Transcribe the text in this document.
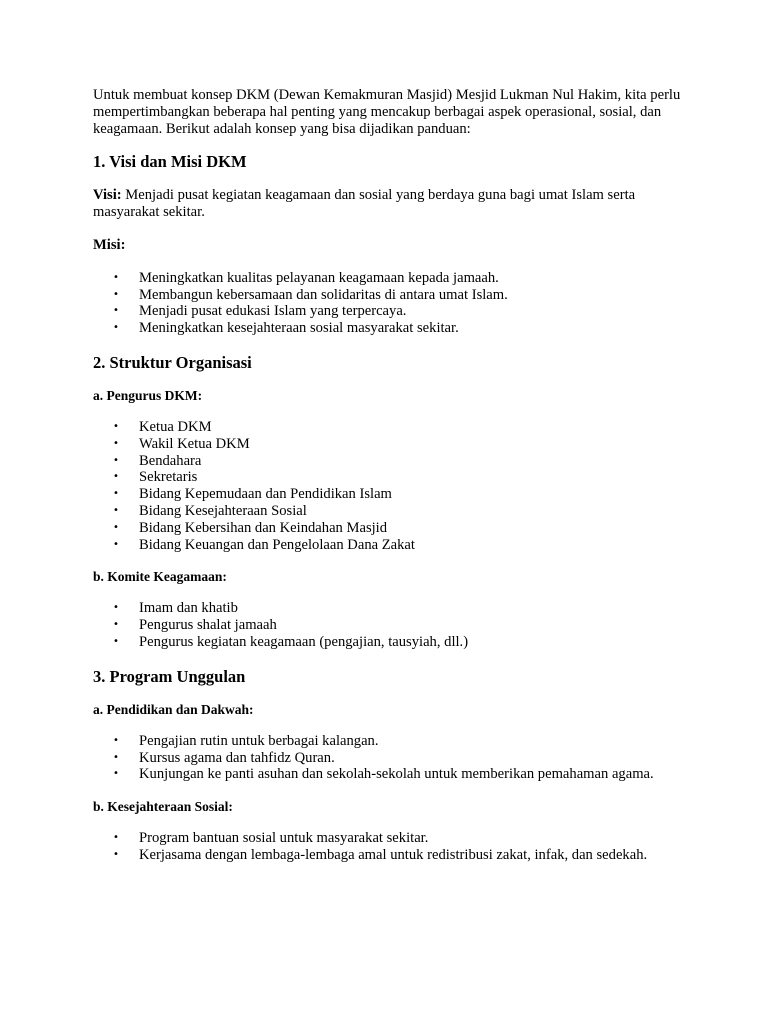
Untuk membuat konsep DKM (Dewan Kemakmuran Masjid) Mesjid Lukman Nul Hakim, kita perlu mempertimbangkan beberapa hal penting yang mencakup berbagai aspek operasional, sosial, dan keagamaan. Berikut adalah konsep yang bisa dijadikan panduan:

1. Visi dan Misi DKM

Visi: Menjadi pusat kegiatan keagamaan dan sosial yang berdaya guna bagi umat Islam serta masyarakat sekitar.

Misi:

• Meningkatkan kualitas pelayanan keagamaan kepada jamaah.
• Membangun kebersamaan dan solidaritas di antara umat Islam.
• Menjadi pusat edukasi Islam yang terpercaya.
• Meningkatkan kesejahteraan sosial masyarakat sekitar.
2. Struktur Organisasi
a. Pengurus DKM:
• Ketua DKM
• Wakil Ketua DKM
• Bendahara
• Sekretaris
• Bidang Kepemudaan dan Pendidikan Islam
• Bidang Kesejahteraan Sosial
• Bidang Kebersihan dan Keindahan Masjid
• Bidang Keuangan dan Pengelolaan Dana Zakat
b. Komite Keagamaan:
• Imam dan khatib
• Pengurus shalat jamaah
• Pengurus kegiatan keagamaan (pengajian, tausyiah, dll.)
3. Program Unggulan
a. Pendidikan dan Dakwah:
• Pengajian rutin untuk berbagai kalangan.
• Kursus agama dan tahfidz Quran.
• Kunjungan ke panti asuhan dan sekolah-sekolah untuk memberikan pemahaman agama.
b. Kesejahteraan Sosial:
• Program bantuan sosial untuk masyarakat sekitar.
• Kerjasama dengan lembaga-lembaga amal untuk redistribusi zakat, infak, dan sedekah.
